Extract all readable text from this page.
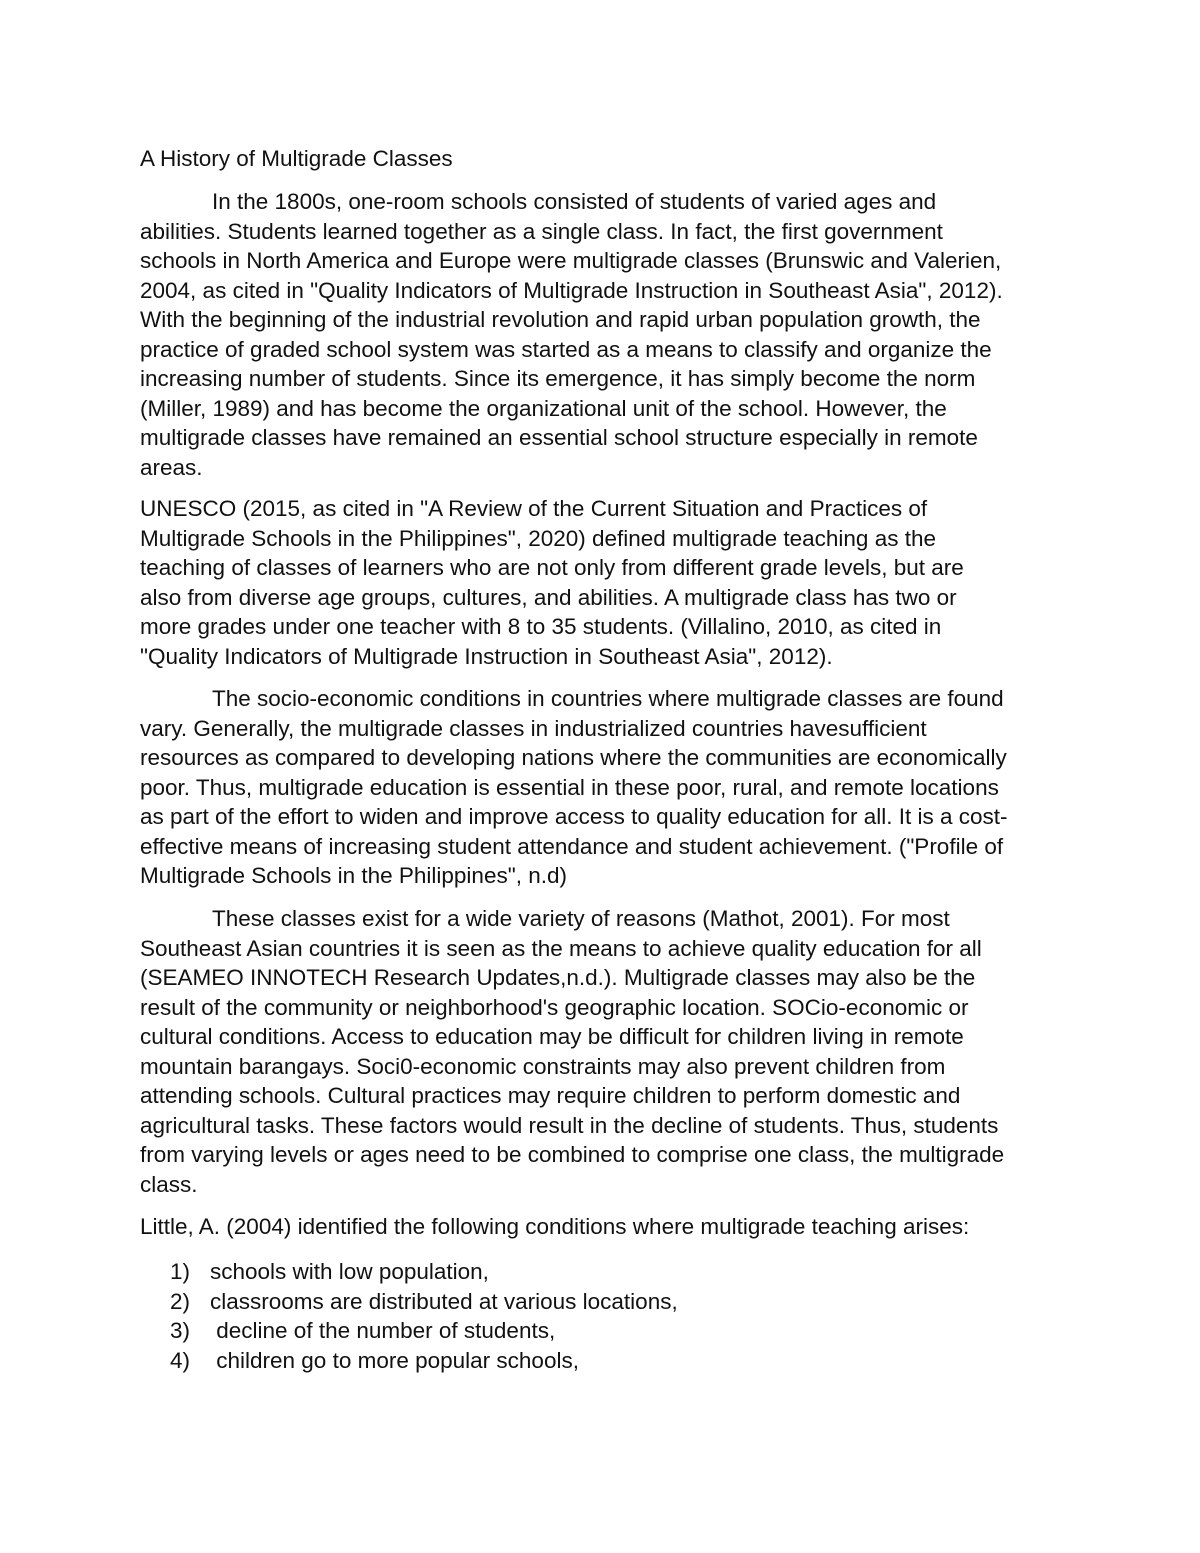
A History of Multigrade Classes
In the 1800s, one-room schools consisted of students of varied ages and
abilities. Students learned together as a single class. In fact, the first government
schools in North America and Europe were multigrade classes (Brunswic and Valerien,
2004, as cited in "Quality Indicators of Multigrade Instruction in Southeast Asia", 2012).
With the beginning of the industrial revolution and rapid urban population growth, the
practice of graded school system was started as a means to classify and organize the
increasing number of students. Since its emergence, it has simply become the norm
(Miller, 1989) and has become the organizational unit of the school. However, the
multigrade classes have remained an essential school structure especially in remote
areas.
UNESCO (2015, as cited in "A Review of the Current Situation and Practices of
Multigrade Schools in the Philippines", 2020) defined multigrade teaching as the
teaching of classes of learners who are not only from different grade levels, but are
also from diverse age groups, cultures, and abilities. A multigrade class has two or
more grades under one teacher with 8 to 35 students. (Villalino, 2010, as cited in
"Quality Indicators of Multigrade Instruction in Southeast Asia", 2012).
The socio-economic conditions in countries where multigrade classes are found
vary. Generally, the multigrade classes in industrialized countries havesufficient
resources as compared to developing nations where the communities are economically
poor. Thus, multigrade education is essential in these poor, rural, and remote locations
as part of the effort to widen and improve access to quality education for all. It is a cost-
effective means of increasing student attendance and student achievement. ("Profile of
Multigrade Schools in the Philippines", n.d)
These classes exist for a wide variety of reasons (Mathot, 2001). For most
Southeast Asian countries it is seen as the means to achieve quality education for all
(SEAMEO INNOTECH Research Updates,n.d.). Multigrade classes may also be the
result of the community or neighborhood's geographic location. SOCio-economic or
cultural conditions. Access to education may be difficult for children living in remote
mountain barangays. Soci0-economic constraints may also prevent children from
attending schools. Cultural practices may require children to perform domestic and
agricultural tasks. These factors would result in the decline of students. Thus, students
from varying levels or ages need to be combined to comprise one class, the multigrade
class.
Little, A. (2004) identified the following conditions where multigrade teaching arises:
1) schools with low population,
2) classrooms are distributed at various locations,
3) decline of the number of students,
4) children go to more popular schools,
